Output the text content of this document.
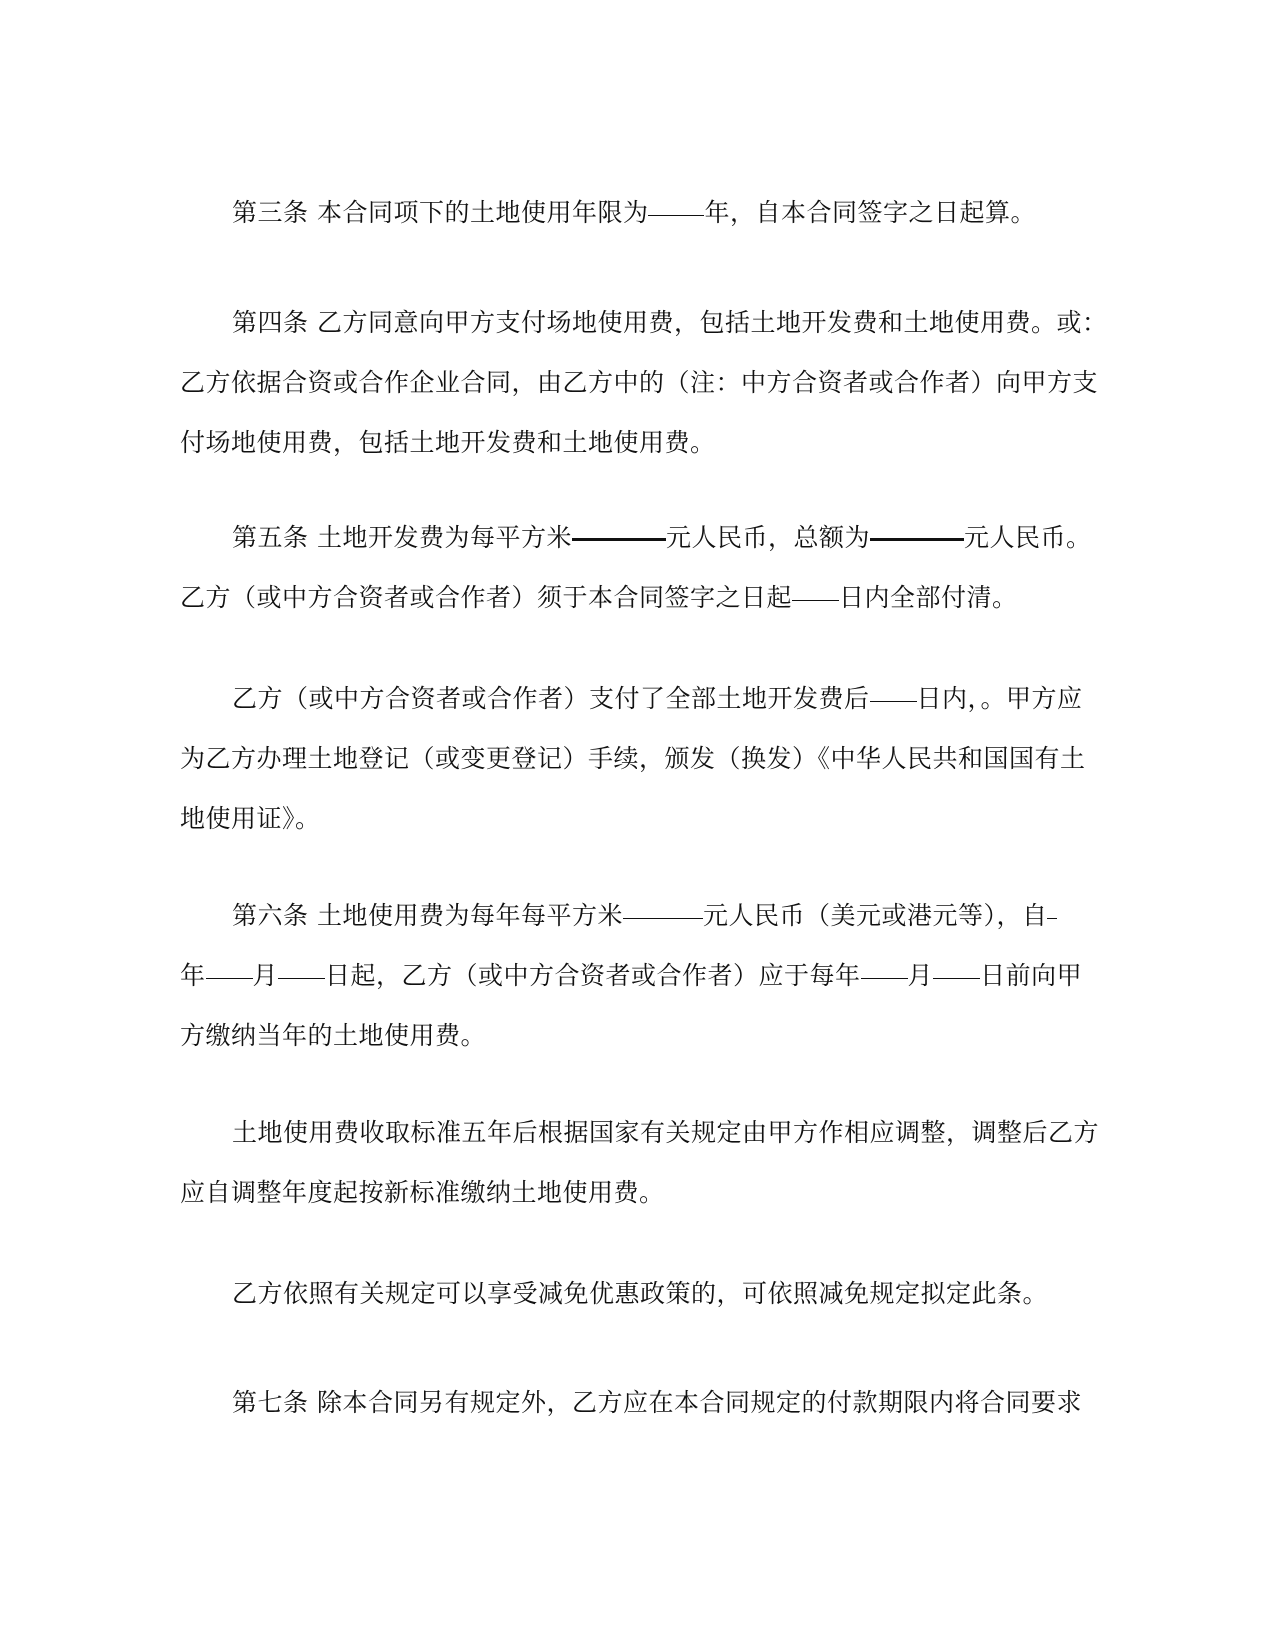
第三条 本合同项下的土地使用年限为 年，自本合同签字之日起算。
第四条 乙方同意向甲方支付场地使用费，包括土地开发费和土地使用费。或：
乙方依据合资或合作企业合同，由乙方中的（注：中方合资者或合作者）向甲方支
付场地使用费，包括土地开发费和土地使用费。
第五条 土地开发费为每平方米	元人民币，总额为	元人民币。
乙方（或中方合资者或合作者）须于本合同签字之日起 日内全部付清。
乙方（或中方合资者或合作者）支付了全部土地开发费后 日内，。甲方应
为乙方办理土地登记（或变更登记）手续，颁发（换发）《中华人民共和国国有土
地使用证》。
第六条 土地使用费为每年每平方米	元人民币（美元或港元等），自
年 月 日起，乙方（或中方合资者或合作者）应于每年 月 日前向甲
方缴纳当年的土地使用费。
土地使用费收取标准五年后根据国家有关规定由甲方作相应调整，调整后乙方
应自调整年度起按新标准缴纳土地使用费。
乙方依照有关规定可以享受减免优惠政策的，可依照减免规定拟定此条。
第七条 除本合同另有规定外，乙方应在本合同规定的付款期限内将合同要求
